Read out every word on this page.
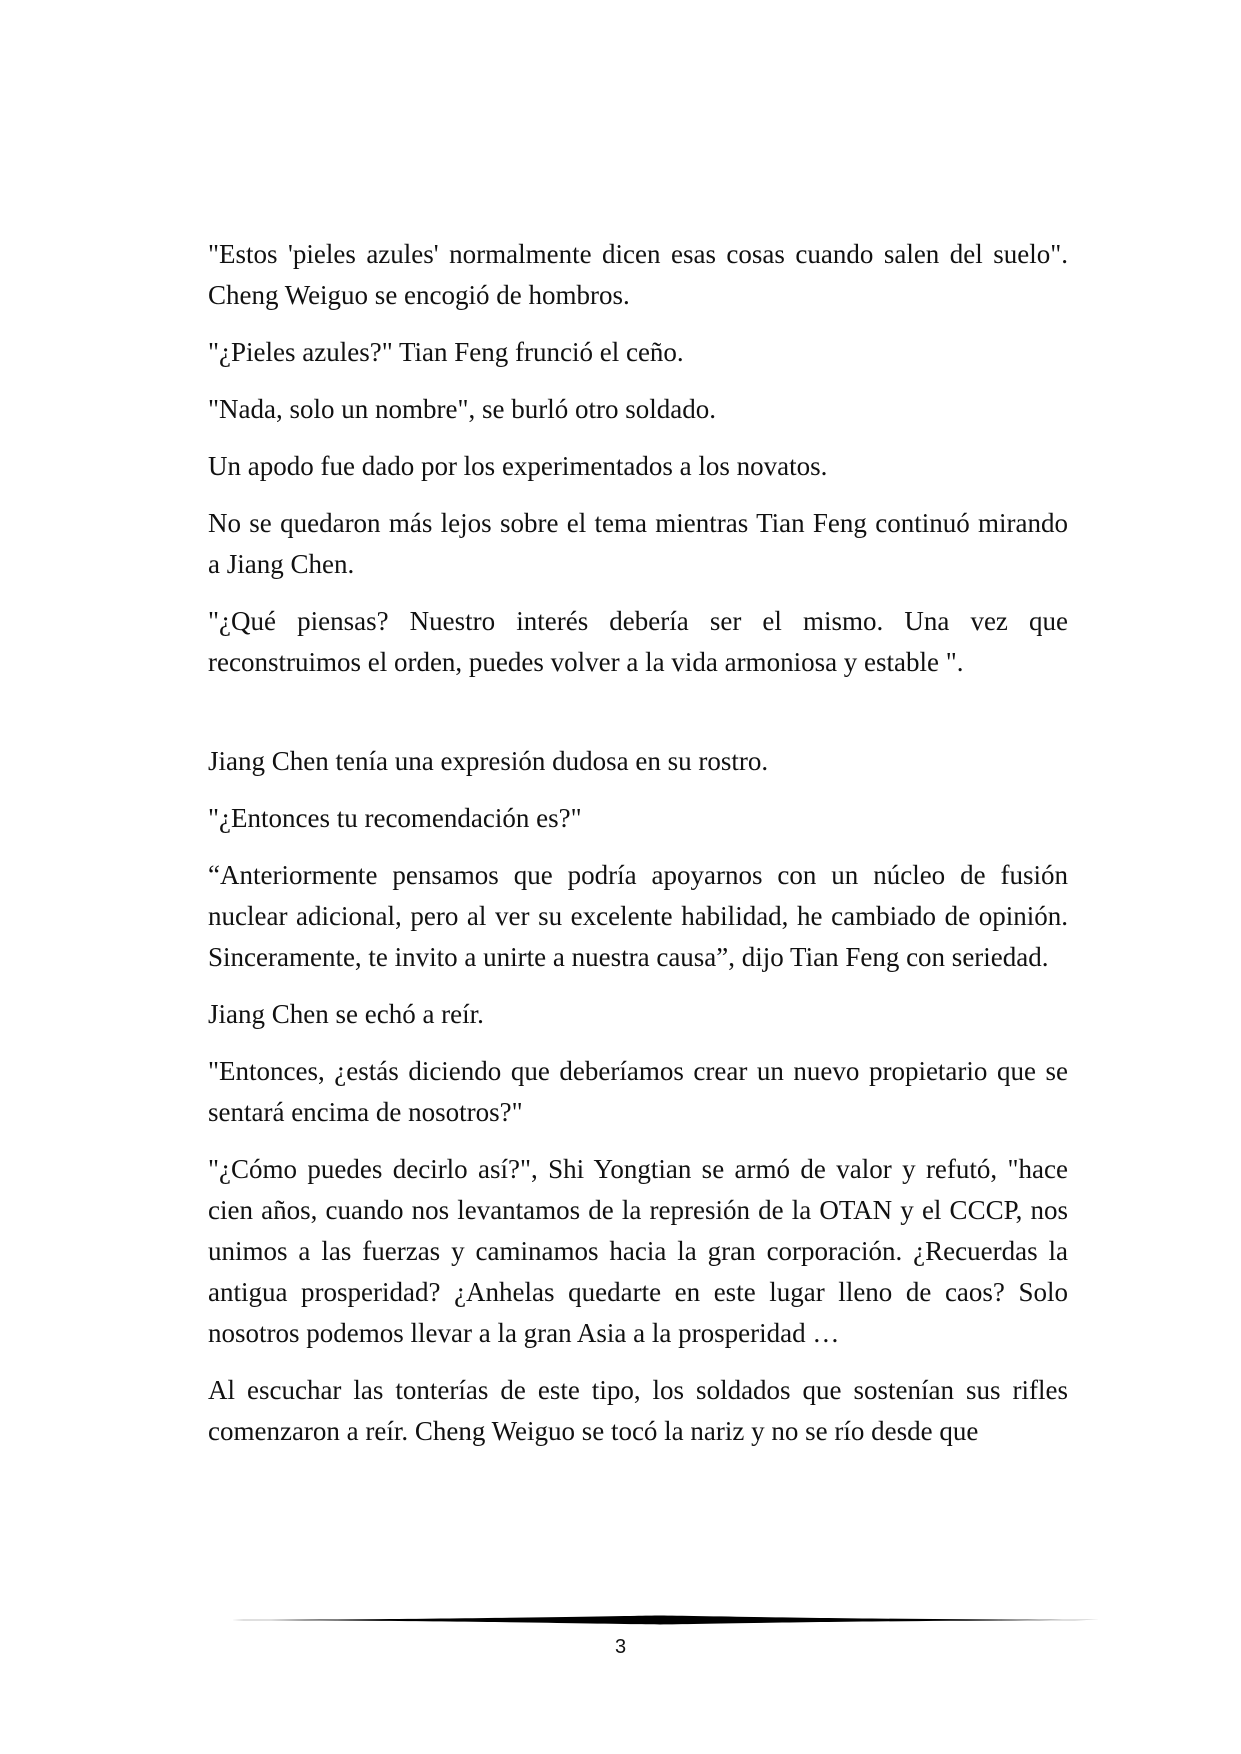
"Estos 'pieles azules' normalmente dicen esas cosas cuando salen del suelo". Cheng Weiguo se encogió de hombros.

"¿Pieles azules?" Tian Feng frunció el ceño.

"Nada, solo un nombre", se burló otro soldado.

Un apodo fue dado por los experimentados a los novatos.

No se quedaron más lejos sobre el tema mientras Tian Feng continuó mirando a Jiang Chen.

"¿Qué piensas? Nuestro interés debería ser el mismo. Una vez que reconstruimos el orden, puedes volver a la vida armoniosa y estable ".

Jiang Chen tenía una expresión dudosa en su rostro.

"¿Entonces tu recomendación es?"

“Anteriormente pensamos que podría apoyarnos con un núcleo de fusión nuclear adicional, pero al ver su excelente habilidad, he cambiado de opinión. Sinceramente, te invito a unirte a nuestra causa”, dijo Tian Feng con seriedad.

Jiang Chen se echó a reír.

"Entonces, ¿estás diciendo que deberíamos crear un nuevo propietario que se sentará encima de nosotros?"

"¿Cómo puedes decirlo así?", Shi Yongtian se armó de valor y refutó, "hace cien años, cuando nos levantamos de la represión de la OTAN y el CCCP, nos unimos a las fuerzas y caminamos hacia la gran corporación. ¿Recuerdas la antigua prosperidad? ¿Anhelas quedarte en este lugar lleno de caos? Solo nosotros podemos llevar a la gran Asia a la prosperidad …

Al escuchar las tonterías de este tipo, los soldados que sostenían sus rifles comenzaron a reír. Cheng Weiguo se tocó la nariz y no se río desde que

3
